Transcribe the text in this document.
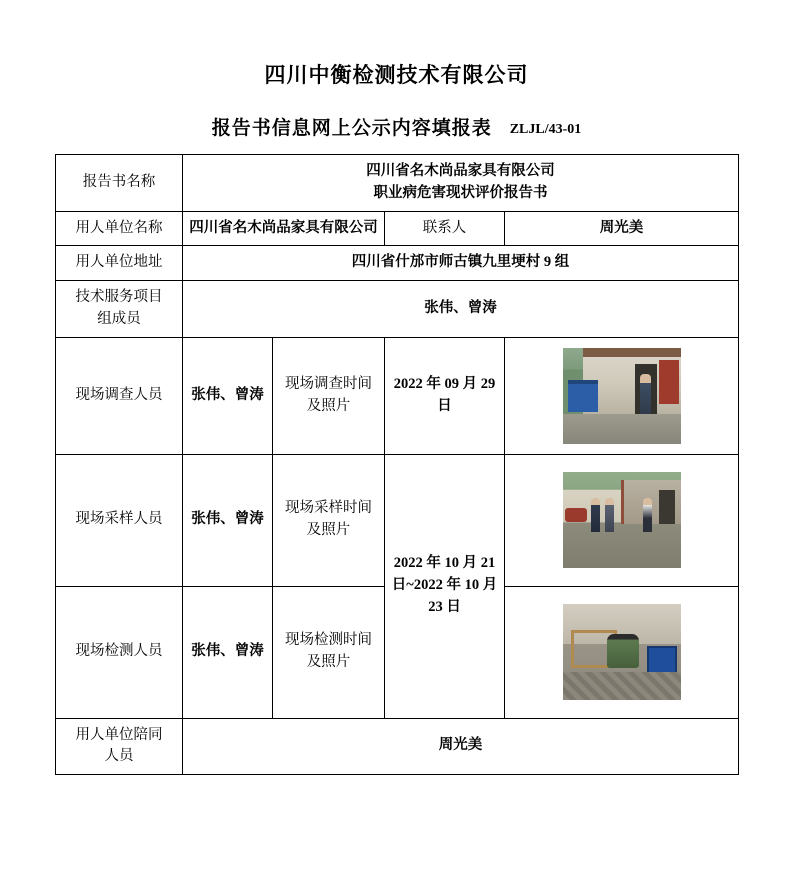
四川中衡检测技术有限公司
报告书信息网上公示内容填报表 ZLJL/43-01
报告书名称	四川省名木尚品家具有限公司
职业病危害现状评价报告书			

用人单位名称	四川省名木尚品家具有限公司		联系人	周光美
用人单位地址	四川省什邡市师古镇九里埂村 9 组			

技术服务项目
组成员	张伟、曾涛			
现场调查人员	张伟、曾涛	现场调查时间
及照片	2022 年 09 月 29 日	

现场采样人员	张伟、曾涛	现场采样时间
及照片	2022 年 10 月 21 日~2022 年 10 月 23 日	

现场检测人员	张伟、曾涛	现场检测时间
及照片		

用人单位陪同
人员	周光美			
